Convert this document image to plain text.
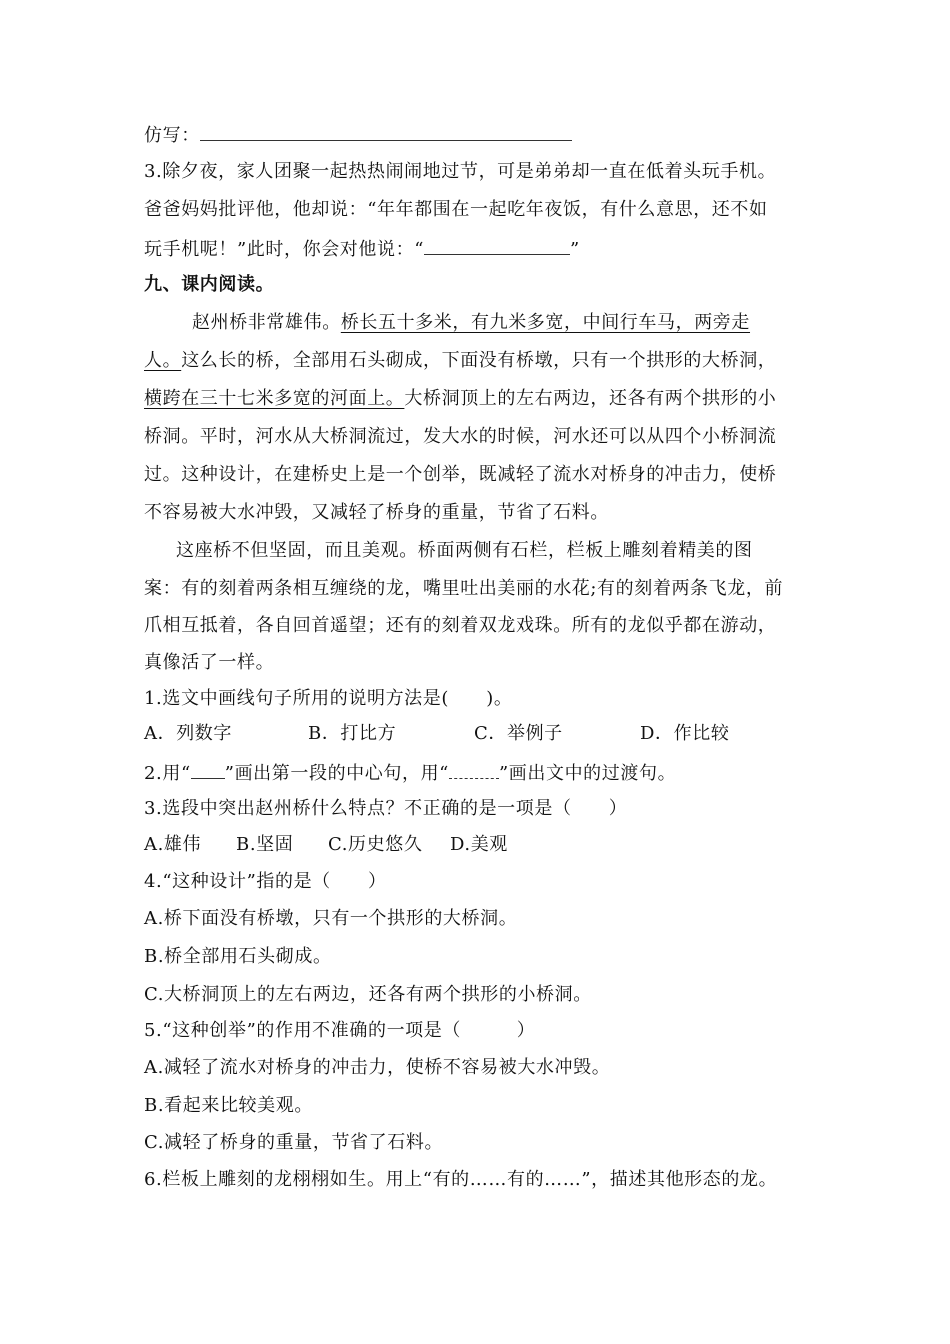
仿写：
3.除夕夜，家人团聚一起热热闹闹地过节，可是弟弟却一直在低着头玩手机。
爸爸妈妈批评他，他却说：“年年都围在一起吃年夜饭，有什么意思，还不如
玩手机呢！”此时，你会对他说：“	”
九、课内阅读。
赵州桥非常雄伟。桥长五十多米，有九米多宽，中间行车马，两旁走
人。这么长的桥，全部用石头砌成，下面没有桥墩，只有一个拱形的大桥洞，
横跨在三十七米多宽的河面上。大桥洞顶上的左右两边，还各有两个拱形的小
桥洞。平时，河水从大桥洞流过，发大水的时候，河水还可以从四个小桥洞流
过。这种设计，在建桥史上是一个创举，既减轻了流水对桥身的冲击力，使桥
不容易被大水冲毁，又减轻了桥身的重量，节省了石料。
这座桥不但坚固，而且美观。桥面两侧有石栏，栏板上雕刻着精美的图
案：有的刻着两条相互缠绕的龙，嘴里吐出美丽的水花;有的刻着两条飞龙，前
爪相互抵着，各自回首遥望；还有的刻着双龙戏珠。所有的龙似乎都在游动，
真像活了一样。
1.选文中画线句子所用的说明方法是(　　)。
A．列数字	B．打比方	C．举例子	D．作比较
2.用“ ”画出第一段的中心句，用“	”画出文中的过渡句。
3.选段中突出赵州桥什么特点？不正确的是一项是（　　）
A.雄伟 B.坚固 C.历史悠久 D.美观
4.“这种设计”指的是（　　）
A.桥下面没有桥墩，只有一个拱形的大桥洞。
B.桥全部用石头砌成。
C.大桥洞顶上的左右两边，还各有两个拱形的小桥洞。
5.“这种创举”的作用不准确的一项是（　　　）
A.减轻了流水对桥身的冲击力，使桥不容易被大水冲毁。
B.看起来比较美观。
C.减轻了桥身的重量，节省了石料。
6.栏板上雕刻的龙栩栩如生。用上“有的……有的……”，描述其他形态的龙。
